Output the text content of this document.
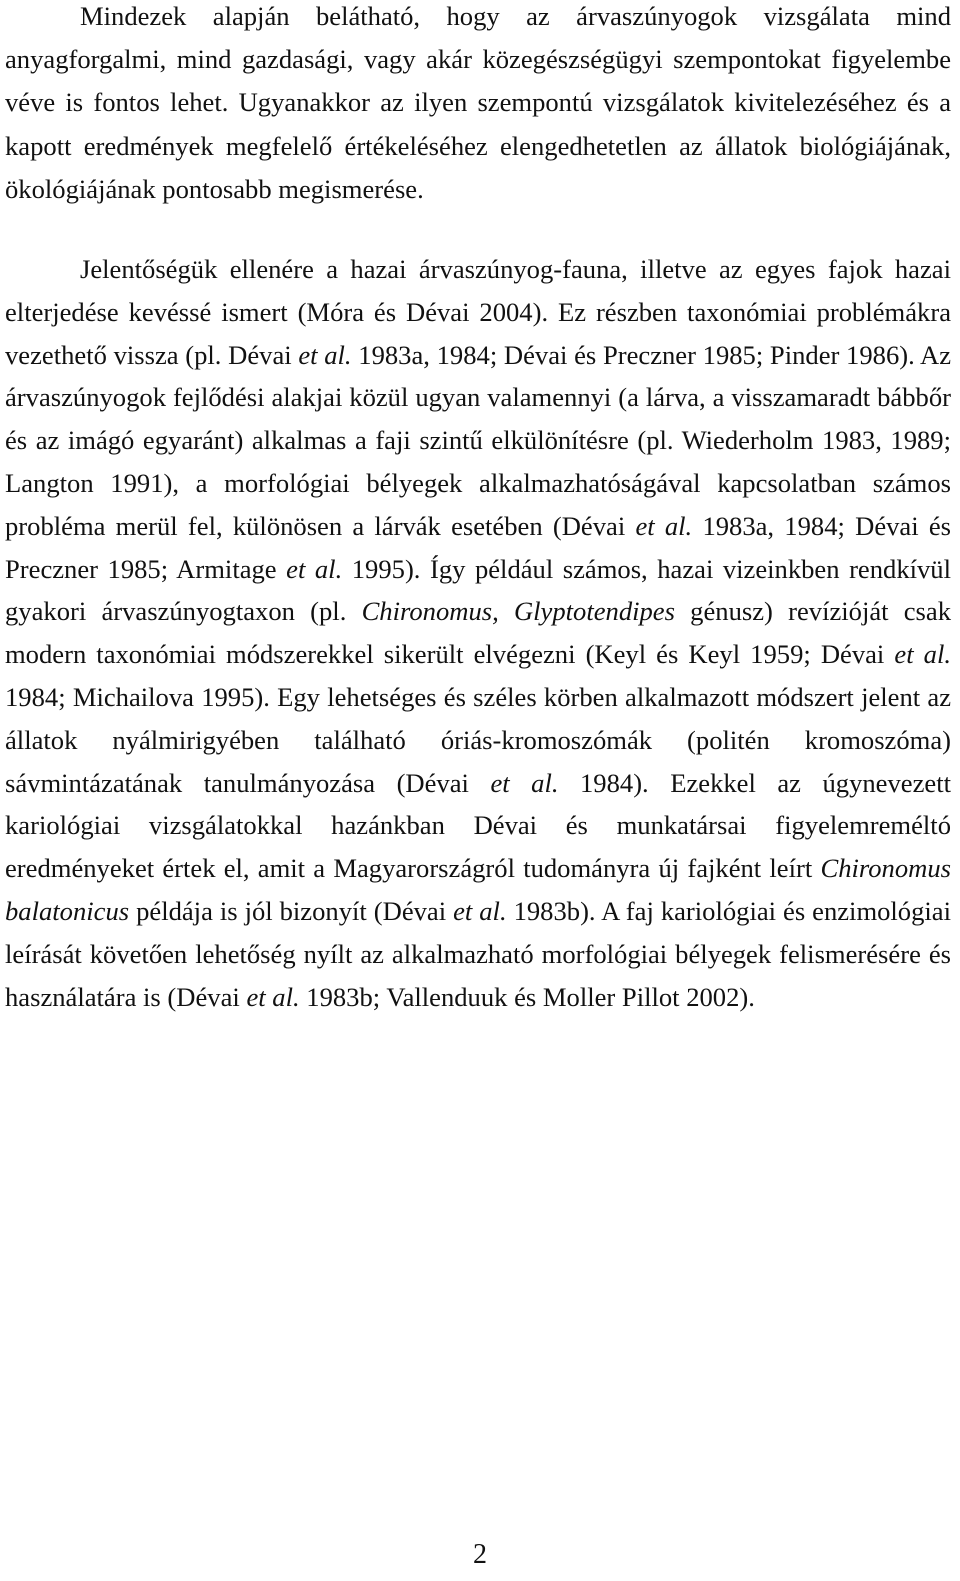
Mindezek alapján belátható, hogy az árvaszúnyogok vizsgálata mind anyagforgalmi, mind gazdasági, vagy akár közegészségügyi szempontokat figyelembe véve is fontos lehet. Ugyanakkor az ilyen szempontú vizsgálatok kivitelezéséhez és a kapott eredmények megfelelő értékeléséhez elengedhetetlen az állatok biológiájának, ökológiájának pontosabb megismerése.

Jelentőségük ellenére a hazai árvaszúnyog-fauna, illetve az egyes fajok hazai elterjedése kevéssé ismert (Móra és Dévai 2004). Ez részben taxonómiai problémákra vezethető vissza (pl. Dévai et al. 1983a, 1984; Dévai és Preczner 1985; Pinder 1986). Az árvaszúnyogok fejlődési alakjai közül ugyan valamennyi (a lárva, a visszamaradt bábbőr és az imágó egyaránt) alkalmas a faji szintű elkülönítésre (pl. Wiederholm 1983, 1989; Langton 1991), a morfológiai bélyegek alkalmazhatóságával kapcsolatban számos probléma merül fel, különösen a lárvák esetében (Dévai et al. 1983a, 1984; Dévai és Preczner 1985; Armitage et al. 1995). Így például számos, hazai vizeinkben rendkívül gyakori árvaszúnyogtaxon (pl. Chironomus, Glyptotendipes génusz) revízióját csak modern taxonómiai módszerekkel sikerült elvégezni (Keyl és Keyl 1959; Dévai et al. 1984; Michailova 1995). Egy lehetséges és széles körben alkalmazott módszert jelent az állatok nyálmirigyében található óriás-kromoszómák (politén kromoszóma) sávmintázatának tanulmányozása (Dévai et al. 1984). Ezekkel az úgynevezett kariológiai vizsgálatokkal hazánkban Dévai és munkatársai figyelemreméltó eredményeket értek el, amit a Magyarországról tudományra új fajként leírt Chironomus balatonicus példája is jól bizonyít (Dévai et al. 1983b). A faj kariológiai és enzimológiai leírását követően lehetőség nyílt az alkalmazható morfológiai bélyegek felismerésére és használatára is (Dévai et al. 1983b; Vallenduuk és Moller Pillot 2002).

2
